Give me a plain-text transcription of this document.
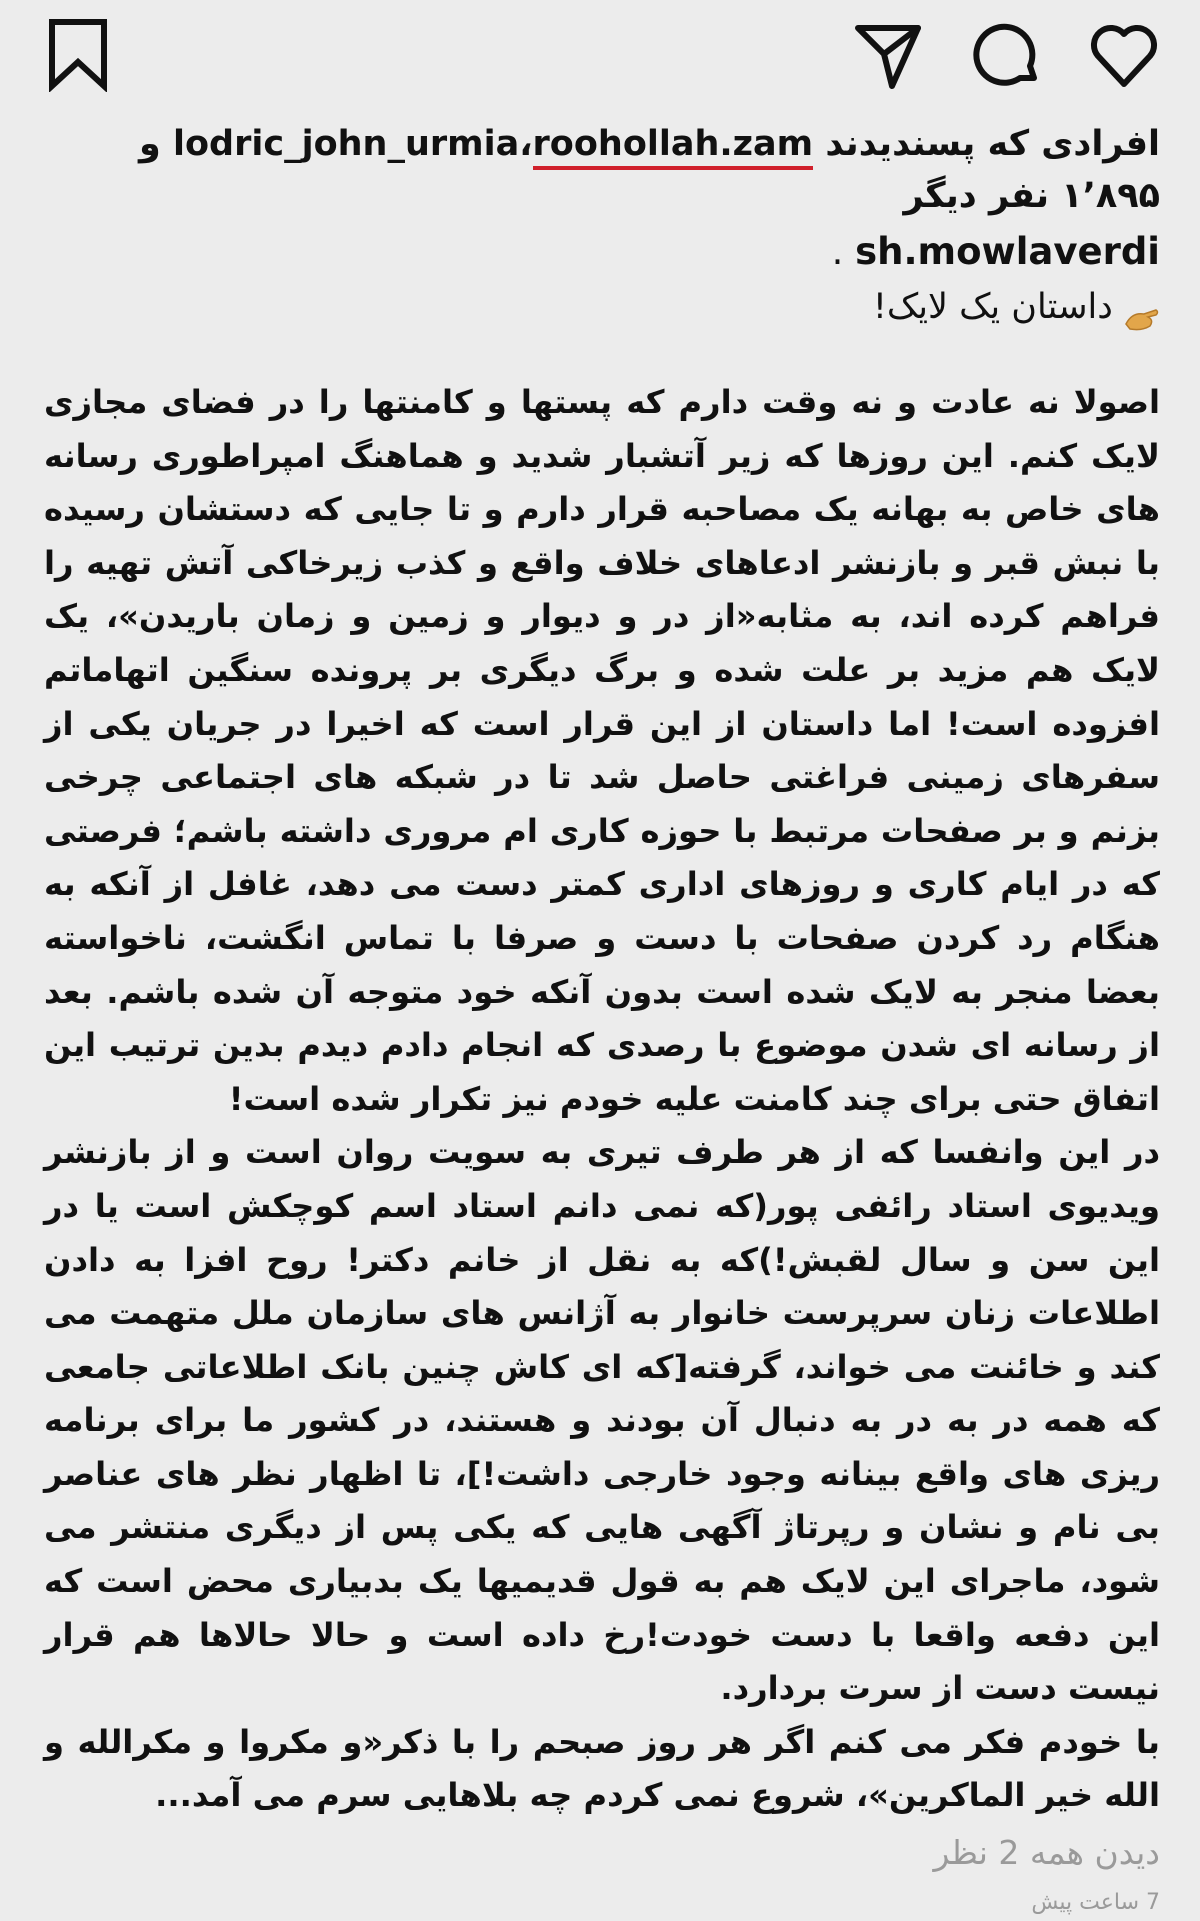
افرادی که پسندیدند lodric_john_urmia،roohollah.zam و ۱٬۸۹۵ نفر دیگر
sh.mowlaverdi .
داستان یک لایک!

اصولا نه عادت و نه وقت دارم که پستها و کامنتها را در فضای مجازی لایک کنم. این روزها که زیر آتشبار شدید و هماهنگ امپراطوری رسانه های خاص به بهانه یک مصاحبه قرار دارم و تا جایی که دستشان رسیده با نبش قبر و بازنشر ادعاهای خلاف واقع و کذب زیرخاکی آتش تهیه را فراهم کرده اند، به مثابه«از در و دیوار و زمین و زمان باریدن»، یک لایک هم مزید بر علت شده و برگ دیگری بر پرونده سنگین اتهاماتم افزوده است! اما داستان از این قرار است که اخیرا در جریان یکی از سفرهای زمینی فراغتی حاصل شد تا در شبکه های اجتماعی چرخی بزنم و بر صفحات مرتبط با حوزه کاری ام مروری داشته باشم؛ فرصتی که در ایام کاری و روزهای اداری کمتر دست می دهد، غافل از آنکه به هنگام رد کردن صفحات با دست و صرفا با تماس انگشت، ناخواسته بعضا منجر به لایک شده است بدون آنکه خود متوجه آن شده باشم. بعد از رسانه ای شدن موضوع با رصدی که انجام دادم دیدم بدین ترتیب این اتفاق حتی برای چند کامنت علیه خودم نیز تکرار شده است!

در این وانفسا که از هر طرف تیری به سویت روان است و از بازنشر ویدیوی استاد رائفی پور(که نمی دانم استاد اسم کوچکش است یا در این سن و سال لقبش!)که به نقل از خانم دکتر! روح افزا به دادن اطلاعات زنان سرپرست خانوار به آژانس های سازمان ملل متهمت می کند و خائنت می خواند، گرفته[که ای کاش چنین بانک اطلاعاتی جامعی که همه در به در به دنبال آن بودند و هستند، در کشور ما برای برنامه ریزی های واقع بینانه وجود خارجی داشت!]، تا اظهار نظر های عناصر بی نام و نشان و رپرتاژ آگهی هایی که یکی پس از دیگری منتشر می شود، ماجرای این لایک هم به قول قدیمیها یک بدبیاری محض است که این دفعه واقعا با دست خودت!رخ داده است و حالا حالاها هم قرار نیست دست از سرت بردارد.

با خودم فکر می کنم اگر هر روز صبحم را با ذکر«و مکروا و مکرالله و الله خیر الماکرین»، شروع نمی کردم چه بلاهایی سرم می آمد...

دیدن همه 2 نظر
7 ساعت پیش
